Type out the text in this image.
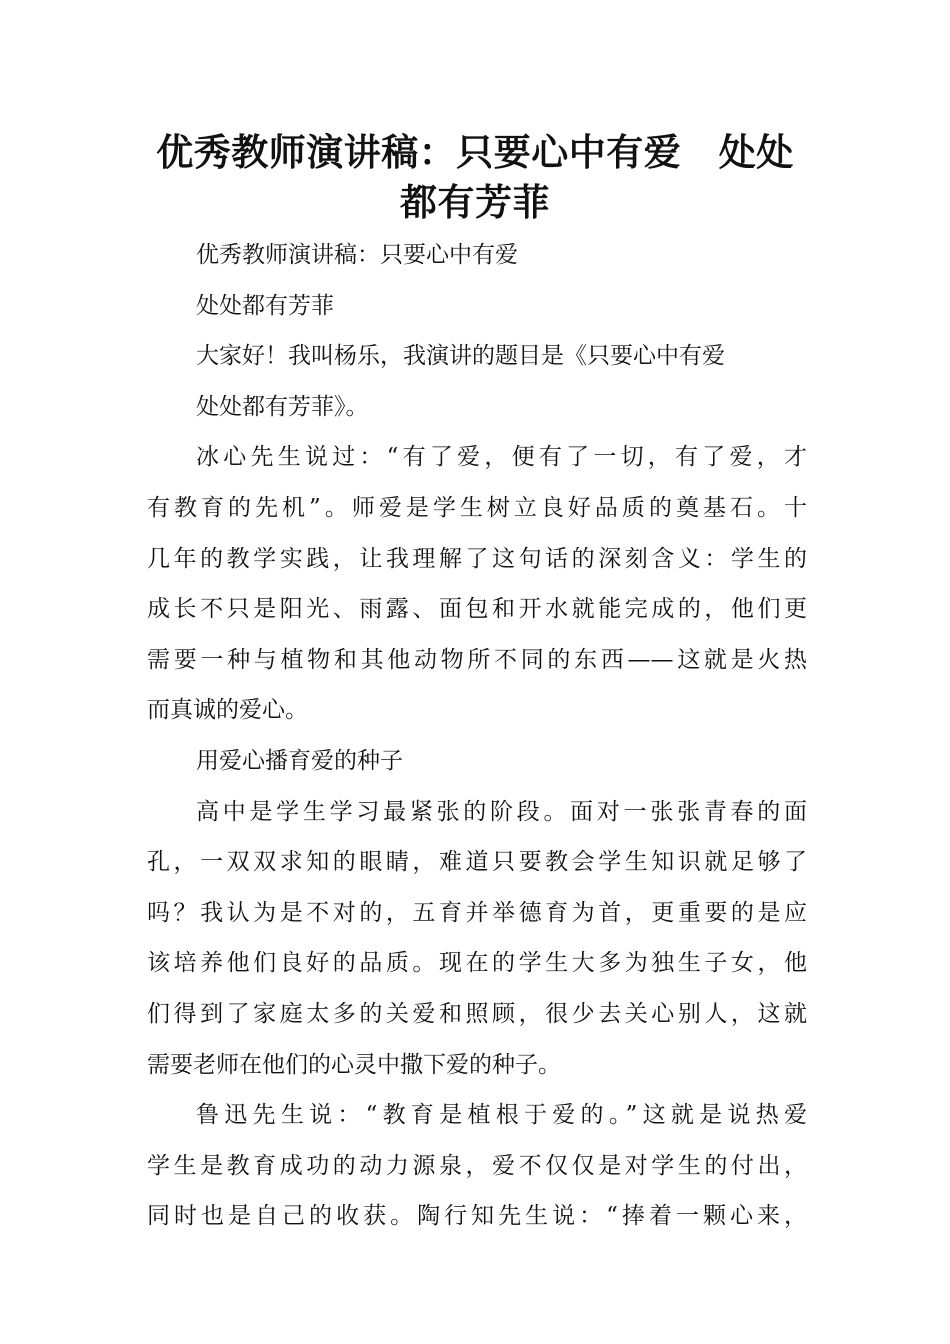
优秀教师演讲稿：只要心中有爱　处处
都有芳菲

优秀教师演讲稿：只要心中有爱

处处都有芳菲

大家好！我叫杨乐，我演讲的题目是《只要心中有爱

处处都有芳菲》。

冰心先生说过：“有了爱，便有了一切，有了爱，才
有教育的先机”。师爱是学生树立良好品质的奠基石。十
几年的教学实践，让我理解了这句话的深刻含义：学生的
成长不只是阳光、雨露、面包和开水就能完成的，他们更
需要一种与植物和其他动物所不同的东西——这就是火热
而真诚的爱心。

用爱心播育爱的种子

高中是学生学习最紧张的阶段。面对一张张青春的面
孔，一双双求知的眼睛，难道只要教会学生知识就足够了
吗？我认为是不对的，五育并举德育为首，更重要的是应
该培养他们良好的品质。现在的学生大多为独生子女，他
们得到了家庭太多的关爱和照顾，很少去关心别人，这就
需要老师在他们的心灵中撒下爱的种子。

鲁迅先生说：“教育是植根于爱的。”这就是说热爱
学生是教育成功的动力源泉，爱不仅仅是对学生的付出，
同时也是自己的收获。陶行知先生说：“捧着一颗心来，
